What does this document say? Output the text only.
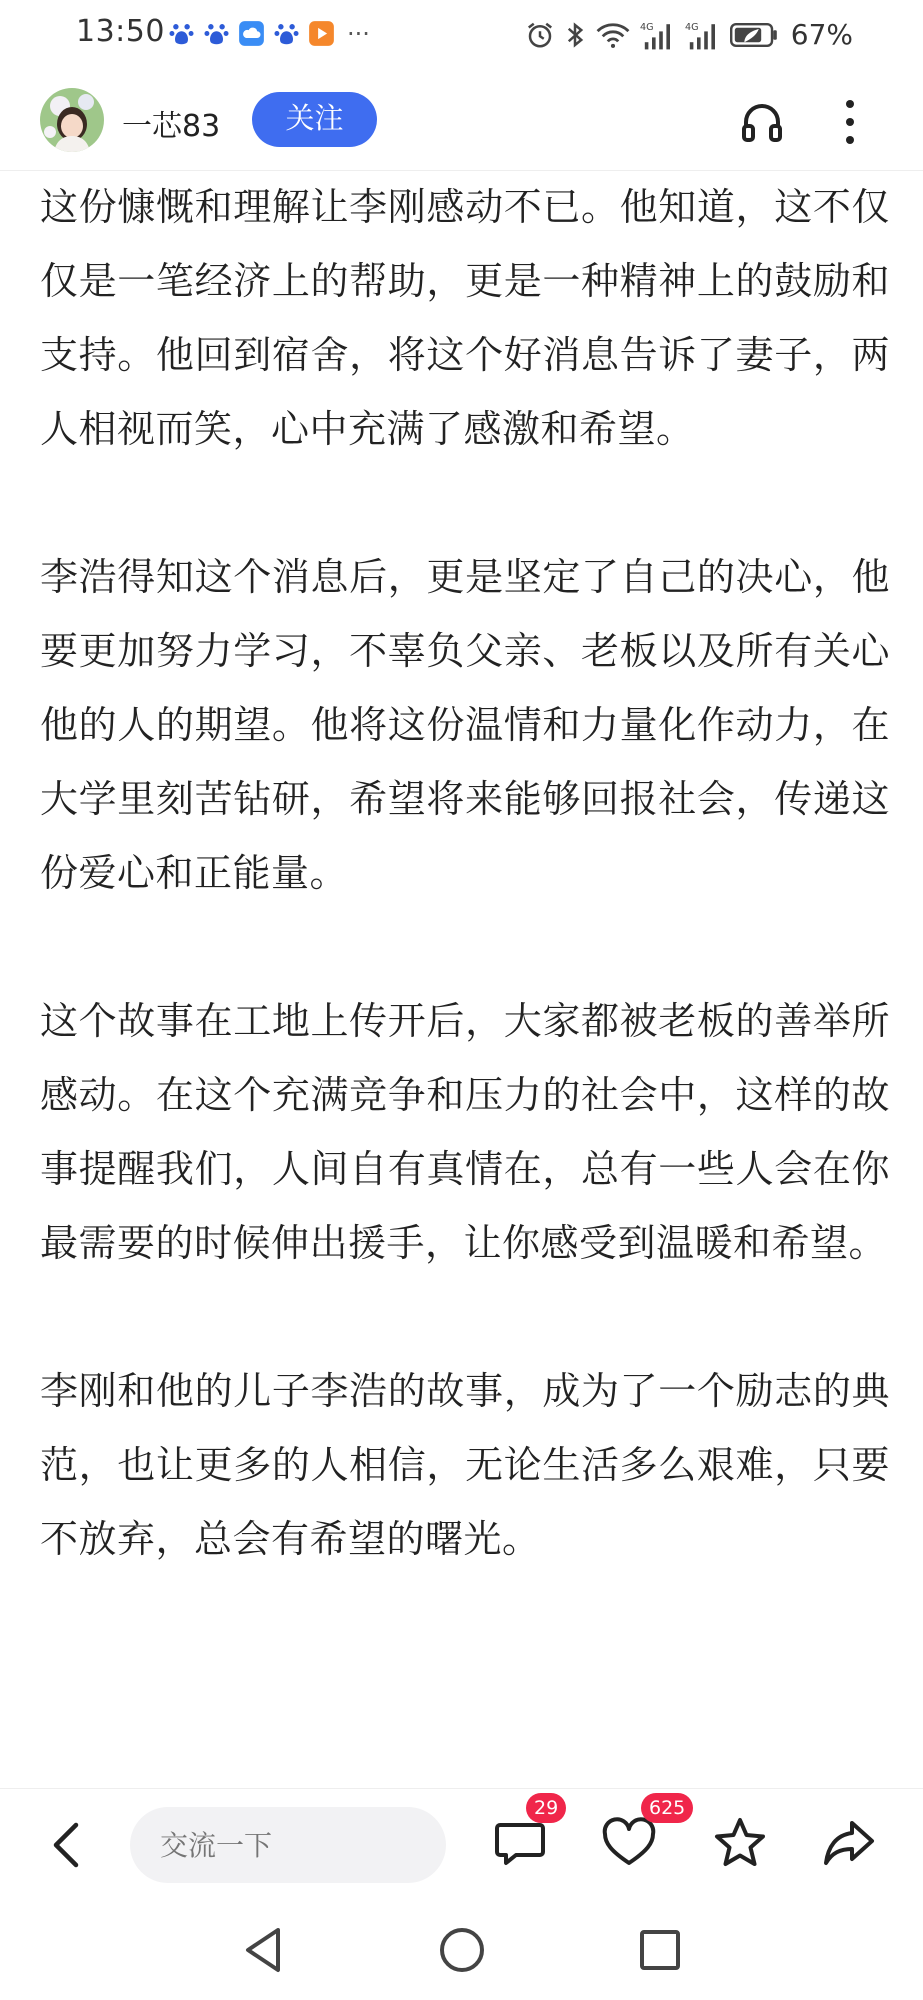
13:50	···	4G	4G	67%
一芯83	关注

这份慷慨和理解让李刚感动不已。他知道，这不仅仅是一笔经济上的帮助，更是一种精神上的鼓励和支持。他回到宿舍，将这个好消息告诉了妻子，两人相视而笑，心中充满了感激和希望。

李浩得知这个消息后，更是坚定了自己的决心，他要更加努力学习，不辜负父亲、老板以及所有关心他的人的期望。他将这份温情和力量化作动力，在大学里刻苦钻研，希望将来能够回报社会，传递这份爱心和正能量。

这个故事在工地上传开后，大家都被老板的善举所感动。在这个充满竞争和压力的社会中，这样的故事提醒我们，人间自有真情在，总有一些人会在你最需要的时候伸出援手，让你感受到温暖和希望。

李刚和他的儿子李浩的故事，成为了一个励志的典范，也让更多的人相信，无论生活多么艰难，只要不放弃，总会有希望的曙光。

交流一下
29	625
